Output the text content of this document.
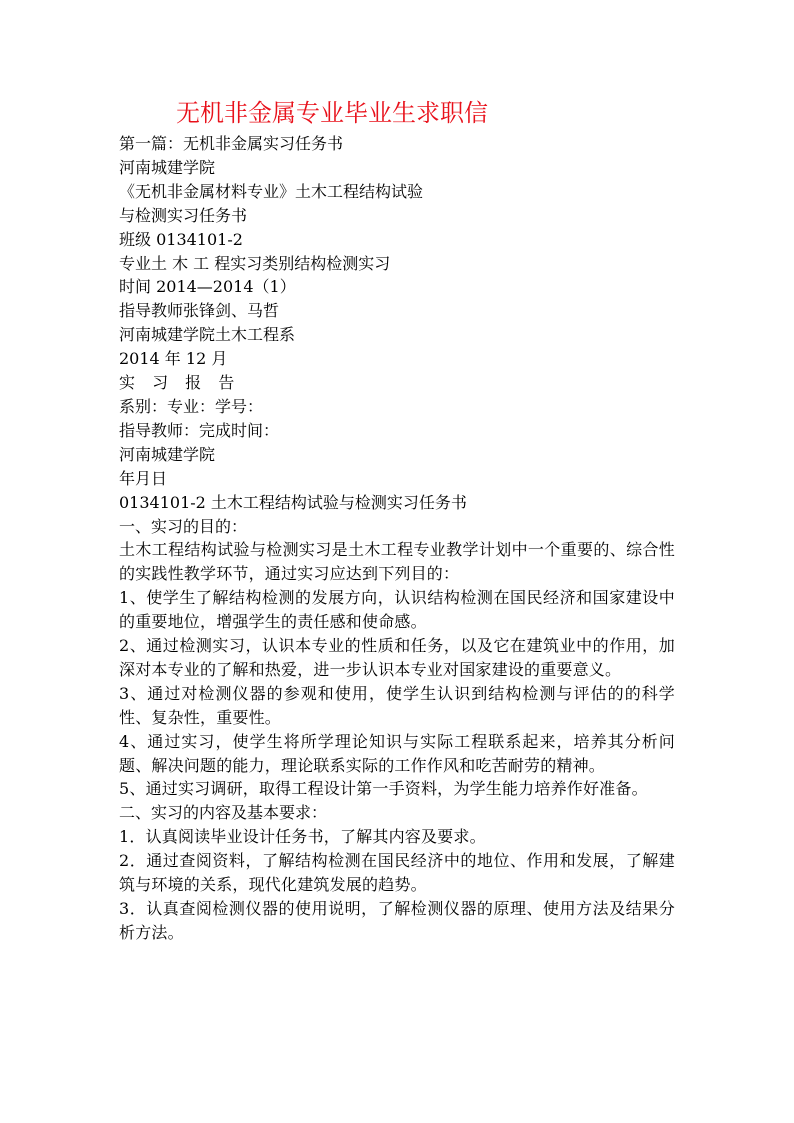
无机非金属专业毕业生求职信
第一篇：无机非金属实习任务书
河南城建学院
《无机非金属材料专业》土木工程结构试验
与检测实习任务书
班级 0134101-2
专业土 木 工 程实习类别结构检测实习
时间 2014—2014（1）
指导教师张锋剑、马哲
河南城建学院土木工程系
2014 年 12 月
实 习 报 告
系别：专业：学号：
指导教师：完成时间：
河南城建学院
年月日
0134101-2 土木工程结构试验与检测实习任务书
一、实习的目的：

土木工程结构试验与检测实习是土木工程专业教学计划中一个重要的、综合性的实践性教学环节，通过实习应达到下列目的：

1、使学生了解结构检测的发展方向，认识结构检测在国民经济和国家建设中的重要地位，增强学生的责任感和使命感。

2、通过检测实习，认识本专业的性质和任务，以及它在建筑业中的作用，加深对本专业的了解和热爱，进一步认识本专业对国家建设的重要意义。

3、通过对检测仪器的参观和使用，使学生认识到结构检测与评估的的科学性、复杂性，重要性。

4、通过实习，使学生将所学理论知识与实际工程联系起来，培养其分析问题、解决问题的能力，理论联系实际的工作作风和吃苦耐劳的精神。

5、通过实习调研，取得工程设计第一手资料，为学生能力培养作好准备。

二、实习的内容及基本要求：

1．认真阅读毕业设计任务书，了解其内容及要求。

2．通过查阅资料，了解结构检测在国民经济中的地位、作用和发展，了解建筑与环境的关系，现代化建筑发展的趋势。

3．认真查阅检测仪器的使用说明，了解检测仪器的原理、使用方法及结果分析方法。
